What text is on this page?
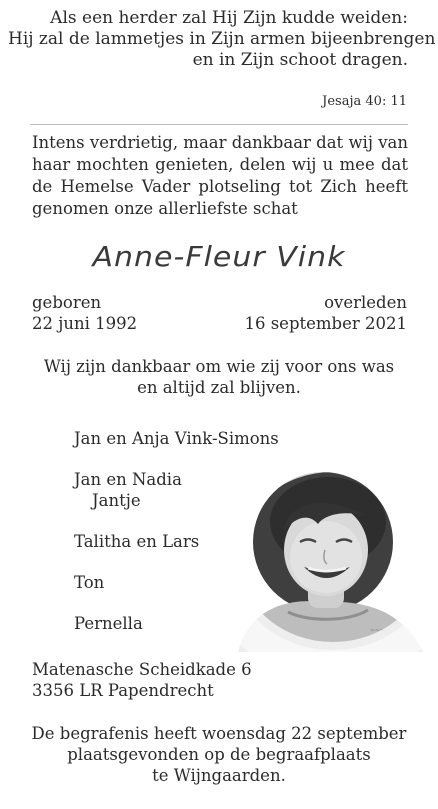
Als een herder zal Hij Zijn kudde weiden:
Hij zal de lammetjes in Zijn armen bijeenbrengen
en in Zijn schoot dragen.
Jesaja 40: 11
Intens verdrietig, maar dankbaar dat wij van haar mochten genieten, delen wij u mee dat de Hemelse Vader plotseling tot Zich heeft genomen onze allerliefste schat
Anne-Fleur Vink
geboren	overleden
22 juni 1992	16 september 2021
Wij zijn dankbaar om wie zij voor ons was
en altijd zal blijven.
~~~
Jan en Anja Vink-Simons
Jan en Nadia
Jantje
Talitha en Lars
Ton
Pernella
Matenasche Scheidkade 6
3356 LR Papendrecht
De begrafenis heeft woensdag 22 september
plaatsgevonden op de begraafplaats
te Wijngaarden.
